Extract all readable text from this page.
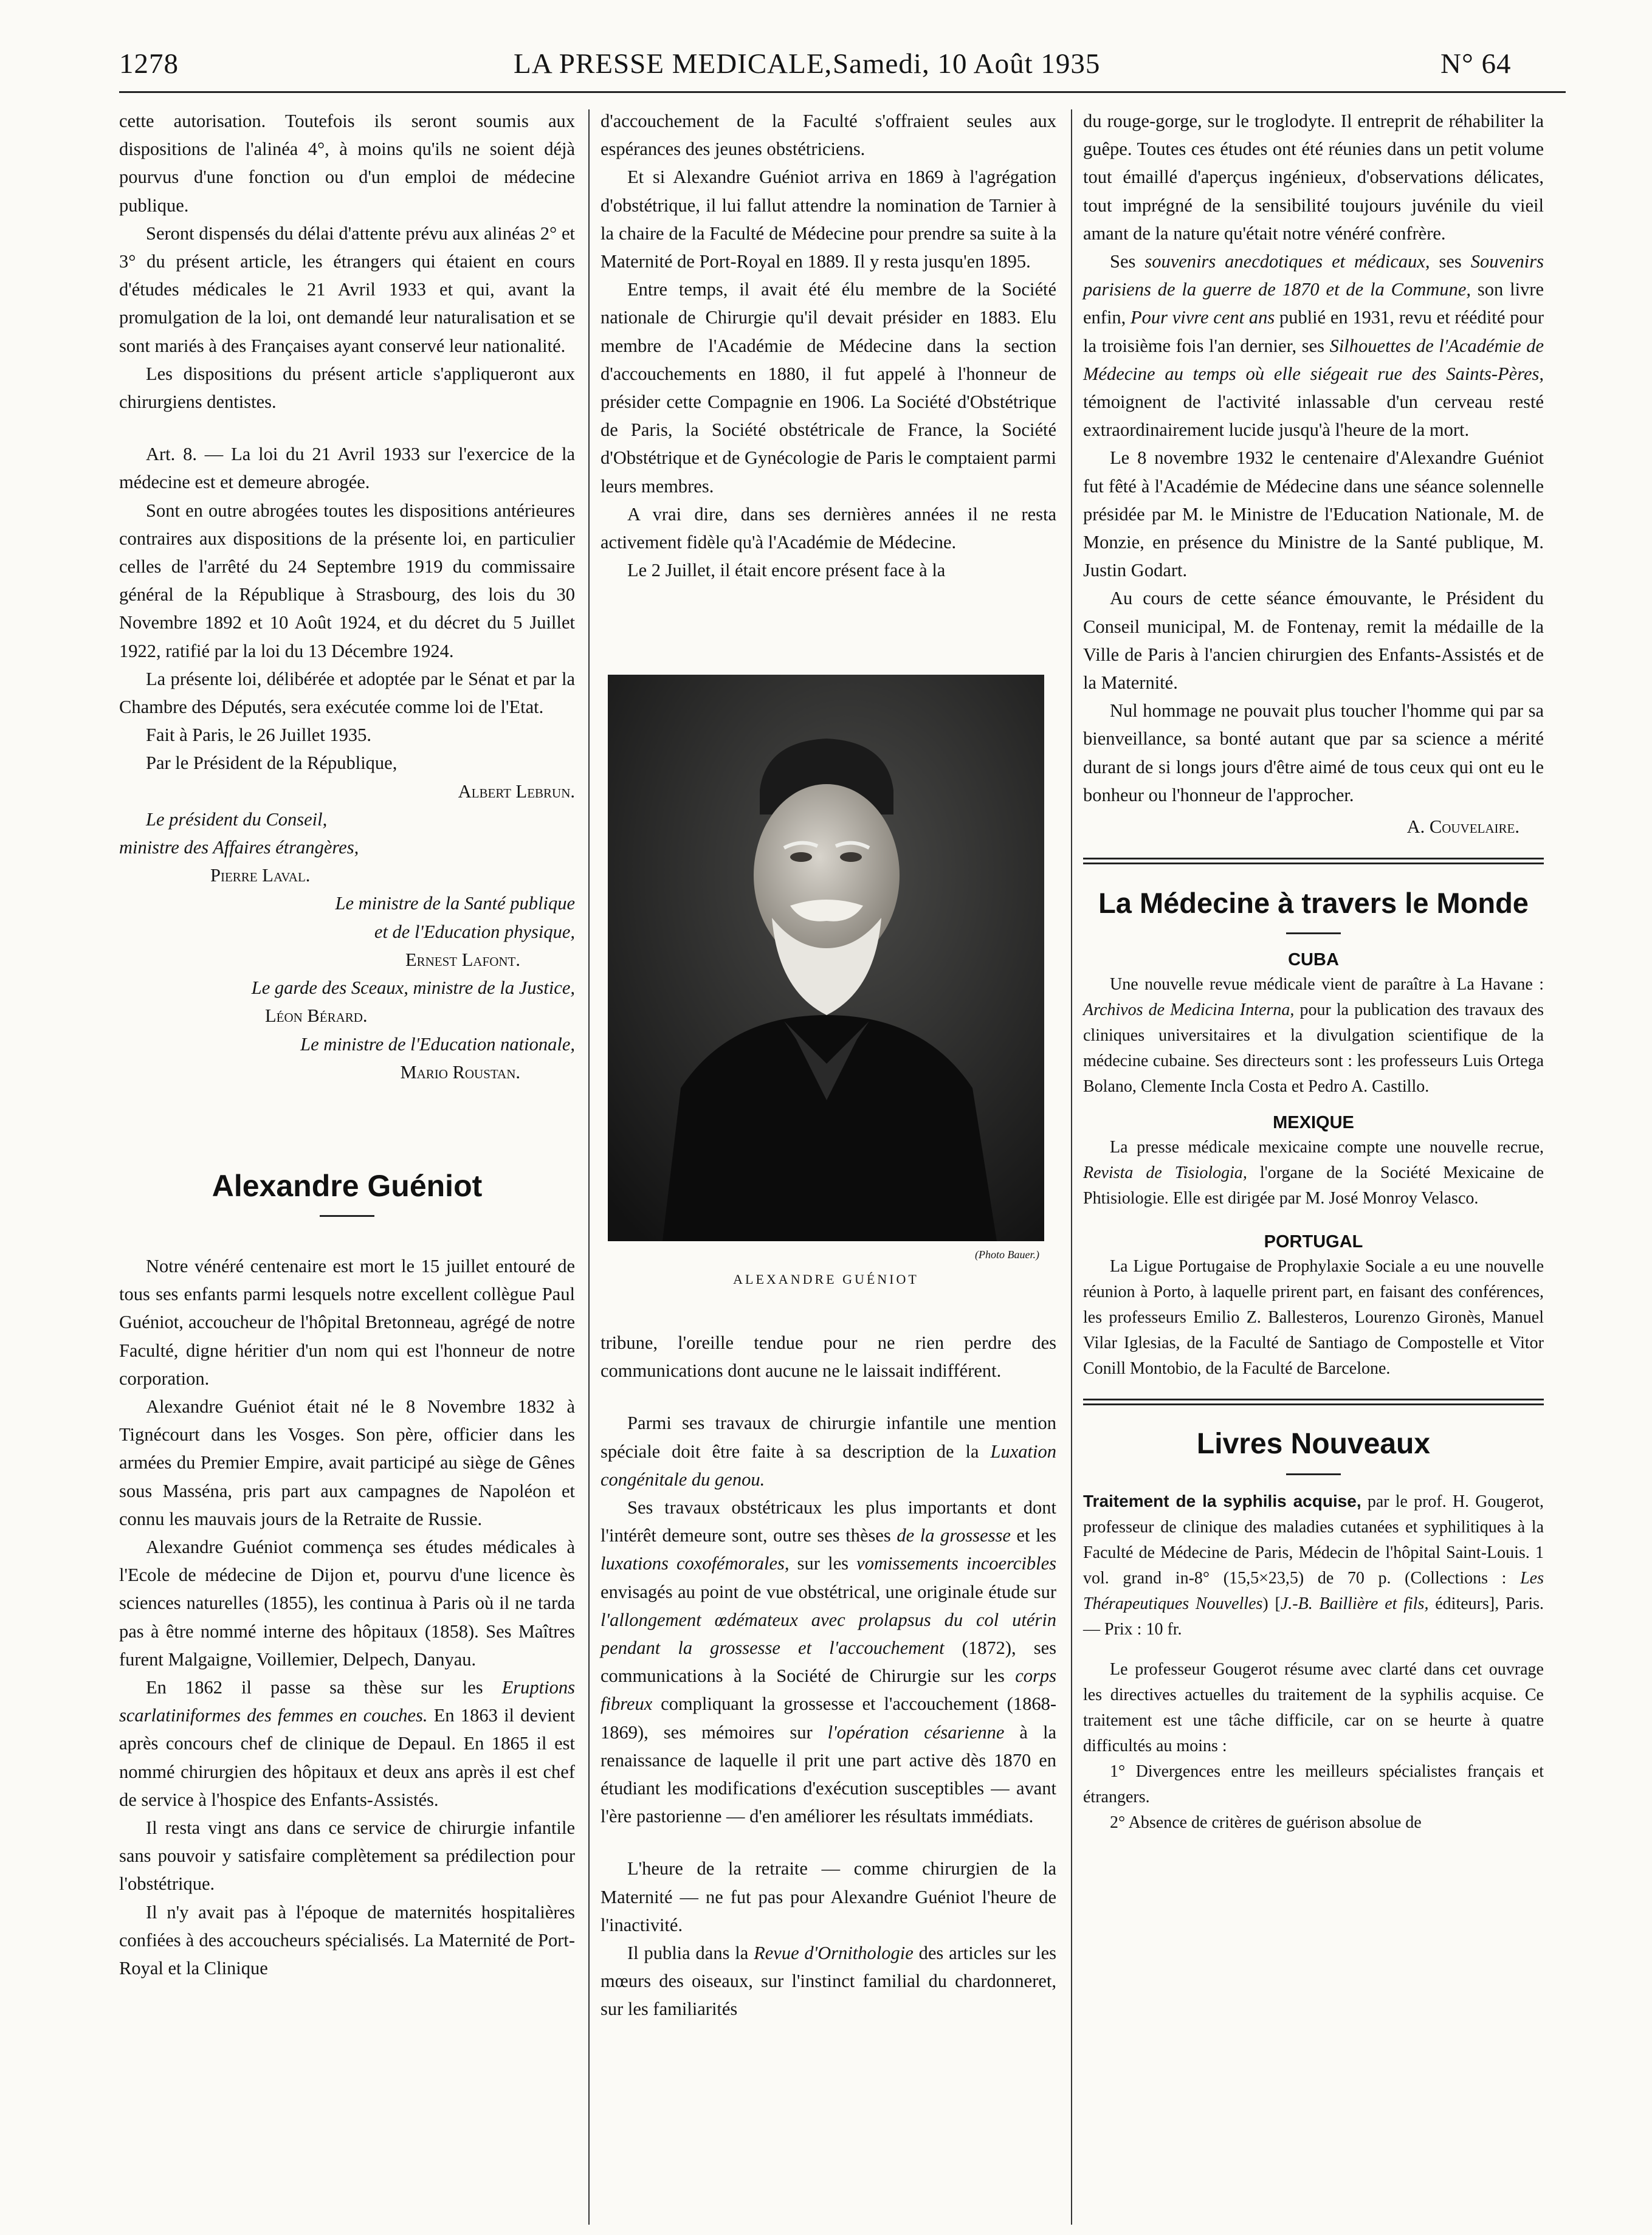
1278	LA PRESSE MEDICALE, Samedi, 10 Août 1935	N° 64

cette autorisation. Toutefois ils seront soumis aux dispositions de l'alinéa 4°, à moins qu'ils ne soient déjà pourvus d'une fonction ou d'un emploi de médecine publique.

Seront dispensés du délai d'attente prévu aux alinéas 2° et 3° du présent article, les étrangers qui étaient en cours d'études médicales le 21 Avril 1933 et qui, avant la promulgation de la loi, ont demandé leur naturalisation et se sont mariés à des Françaises ayant conservé leur nationalité.

Les dispositions du présent article s'appliqueront aux chirurgiens dentistes.

Art. 8. — La loi du 21 Avril 1933 sur l'exercice de la médecine est et demeure abrogée.

Sont en outre abrogées toutes les dispositions antérieures contraires aux dispositions de la présente loi, en particulier celles de l'arrêté du 24 Septembre 1919 du commissaire général de la République à Strasbourg, des lois du 30 Novembre 1892 et 10 Août 1924, et du décret du 5 Juillet 1922, ratifié par la loi du 13 Décembre 1924.

La présente loi, délibérée et adoptée par le Sénat et par la Chambre des Députés, sera exécutée comme loi de l'Etat.

Fait à Paris, le 26 Juillet 1935.

Par le Président de la République,

Albert Lebrun.
Le président du Conseil,
ministre des Affaires étrangères,
Pierre Laval.
Le ministre de la Santé publique
et de l'Education physique,
Ernest Lafont.
Le garde des Sceaux, ministre de la Justice,
Léon Bérard.
Le ministre de l'Education nationale,
Mario Roustan.
Alexandre Guéniot

Notre vénéré centenaire est mort le 15 juillet entouré de tous ses enfants parmi lesquels notre excellent collègue Paul Guéniot, accoucheur de l'hôpital Bretonneau, agrégé de notre Faculté, digne héritier d'un nom qui est l'honneur de notre corporation.

Alexandre Guéniot était né le 8 Novembre 1832 à Tignécourt dans les Vosges. Son père, officier dans les armées du Premier Empire, avait participé au siège de Gênes sous Masséna, pris part aux campagnes de Napoléon et connu les mauvais jours de la Retraite de Russie.

Alexandre Guéniot commença ses études médicales à l'Ecole de médecine de Dijon et, pourvu d'une licence ès sciences naturelles (1855), les continua à Paris où il ne tarda pas à être nommé interne des hôpitaux (1858). Ses Maîtres furent Malgaigne, Voillemier, Delpech, Danyau.

En 1862 il passe sa thèse sur les Eruptions scarlatiniformes des femmes en couches. En 1863 il devient après concours chef de clinique de Depaul. En 1865 il est nommé chirurgien des hôpitaux et deux ans après il est chef de service à l'hospice des Enfants-Assistés.

Il resta vingt ans dans ce service de chirurgie infantile sans pouvoir y satisfaire complètement sa prédilection pour l'obstétrique.

Il n'y avait pas à l'époque de maternités hospitalières confiées à des accoucheurs spécialisés. La Maternité de Port-Royal et la Clinique

d'accouchement de la Faculté s'offraient seules aux espérances des jeunes obstétriciens.

Et si Alexandre Guéniot arriva en 1869 à l'agrégation d'obstétrique, il lui fallut attendre la nomination de Tarnier à la chaire de la Faculté de Médecine pour prendre sa suite à la Maternité de Port-Royal en 1889. Il y resta jusqu'en 1895.

Entre temps, il avait été élu membre de la Société nationale de Chirurgie qu'il devait présider en 1883. Elu membre de l'Académie de Médecine dans la section d'accouchements en 1880, il fut appelé à l'honneur de présider cette Compagnie en 1906. La Société d'Obstétrique de Paris, la Société obstétricale de France, la Société d'Obstétrique et de Gynécologie de Paris le comptaient parmi leurs membres.

A vrai dire, dans ses dernières années il ne resta activement fidèle qu'à l'Académie de Médecine.

Le 2 Juillet, il était encore présent face à la

(Photo Bauer.)
ALEXANDRE GUÉNIOT

tribune, l'oreille tendue pour ne rien perdre des communications dont aucune ne le laissait indifférent.

Parmi ses travaux de chirurgie infantile une mention spéciale doit être faite à sa description de la Luxation congénitale du genou.

Ses travaux obstétricaux les plus importants et dont l'intérêt demeure sont, outre ses thèses de la grossesse et les luxations coxofémorales, sur les vomissements incoercibles envisagés au point de vue obstétrical, une originale étude sur l'allongement œdémateux avec prolapsus du col utérin pendant la grossesse et l'accouchement (1872), ses communications à la Société de Chirurgie sur les corps fibreux compliquant la grossesse et l'accouchement (1868-1869), ses mémoires sur l'opération césarienne à la renaissance de laquelle il prit une part active dès 1870 en étudiant les modifications d'exécution susceptibles — avant l'ère pastorienne — d'en améliorer les résultats immédiats.

L'heure de la retraite — comme chirurgien de la Maternité — ne fut pas pour Alexandre Guéniot l'heure de l'inactivité.

Il publia dans la Revue d'Ornithologie des articles sur les mœurs des oiseaux, sur l'instinct familial du chardonneret, sur les familiarités

du rouge-gorge, sur le troglodyte. Il entreprit de réhabiliter la guêpe. Toutes ces études ont été réunies dans un petit volume tout émaillé d'aperçus ingénieux, d'observations délicates, tout imprégné de la sensibilité toujours juvénile du vieil amant de la nature qu'était notre vénéré confrère.

Ses souvenirs anecdotiques et médicaux, ses Souvenirs parisiens de la guerre de 1870 et de la Commune, son livre enfin, Pour vivre cent ans publié en 1931, revu et réédité pour la troisième fois l'an dernier, ses Silhouettes de l'Académie de Médecine au temps où elle siégeait rue des Saints-Pères, témoignent de l'activité inlassable d'un cerveau resté extraordinairement lucide jusqu'à l'heure de la mort.

Le 8 novembre 1932 le centenaire d'Alexandre Guéniot fut fêté à l'Académie de Médecine dans une séance solennelle présidée par M. le Ministre de l'Education Nationale, M. de Monzie, en présence du Ministre de la Santé publique, M. Justin Godart.

Au cours de cette séance émouvante, le Président du Conseil municipal, M. de Fontenay, remit la médaille de la Ville de Paris à l'ancien chirurgien des Enfants-Assistés et de la Maternité.

Nul hommage ne pouvait plus toucher l'homme qui par sa bienveillance, sa bonté autant que par sa science a mérité durant de si longs jours d'être aimé de tous ceux qui ont eu le bonheur ou l'honneur de l'approcher.

A. Couvelaire.
La Médecine à travers le Monde
CUBA

Une nouvelle revue médicale vient de paraître à La Havane : Archivos de Medicina Interna, pour la publication des travaux des cliniques universitaires et la divulgation scientifique de la médecine cubaine. Ses directeurs sont : les professeurs Luis Ortega Bolano, Clemente Incla Costa et Pedro A. Castillo.

MEXIQUE

La presse médicale mexicaine compte une nouvelle recrue, Revista de Tisiologia, l'organe de la Société Mexicaine de Phtisiologie. Elle est dirigée par M. José Monroy Velasco.

PORTUGAL

La Ligue Portugaise de Prophylaxie Sociale a eu une nouvelle réunion à Porto, à laquelle prirent part, en faisant des conférences, les professeurs Emilio Z. Ballesteros, Lourenzo Gironès, Manuel Vilar Iglesias, de la Faculté de Santiago de Compostelle et Vitor Conill Montobio, de la Faculté de Barcelone.

Livres Nouveaux

Traitement de la syphilis acquise, par le prof. H. Gougerot, professeur de clinique des maladies cutanées et syphilitiques à la Faculté de Médecine de Paris, Médecin de l'hôpital Saint-Louis. 1 vol. grand in-8° (15,5×23,5) de 70 p. (Collections : Les Thérapeutiques Nouvelles) [J.-B. Baillière et fils, éditeurs], Paris. — Prix : 10 fr.

Le professeur Gougerot résume avec clarté dans cet ouvrage les directives actuelles du traitement de la syphilis acquise. Ce traitement est une tâche difficile, car on se heurte à quatre difficultés au moins :

1° Divergences entre les meilleurs spécialistes français et étrangers.

2° Absence de critères de guérison absolue de
